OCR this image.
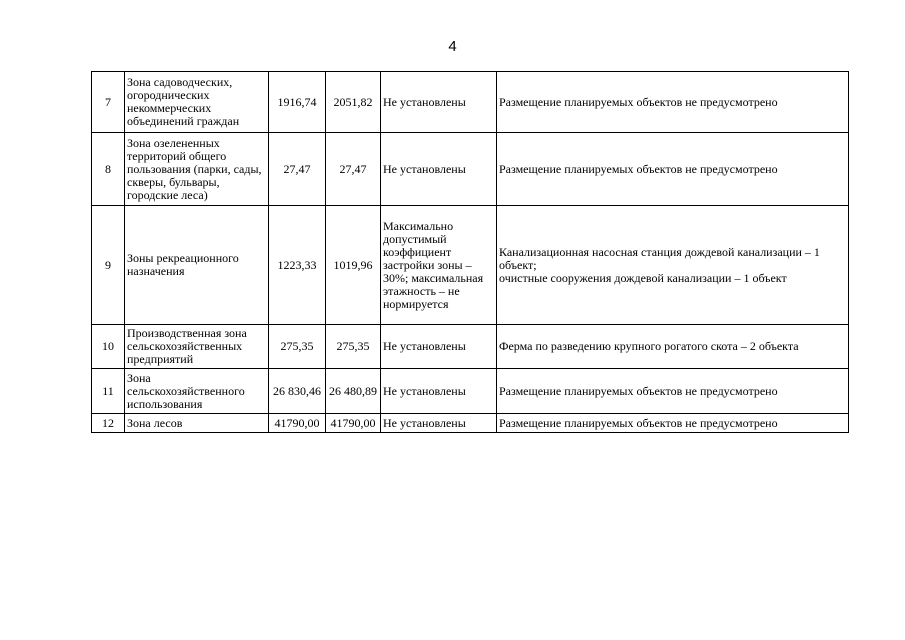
4
7	Зона садоводческих, огороднических некоммерческих объединений граждан	1916,74	2051,82	Не установлены	Размещение планируемых объектов не предусмотрено

8	Зона озелененных территорий общего пользования (парки, сады, скверы, бульвары, городские леса)	27,47	27,47	Не установлены	Размещение планируемых объектов не предусмотрено

9	Зоны рекреационного назначения	1223,33	1019,96	Максимально допустимый коэффициент застройки зоны – 30%; максимальная этажность – не нормируется	Канализационная насосная станция дождевой канализации – 1 объект;
очистные сооружения дождевой канализации – 1 объект

10	Производственная зона сельскохозяйственных предприятий	275,35	275,35	Не установлены	Ферма по разведению крупного рогатого скота – 2 объекта

11	Зона сельскохозяйственного использования	26 830,46	26 480,89	Не установлены	Размещение планируемых объектов не предусмотрено

12	Зона лесов	41790,00	41790,00	Не установлены	Размещение планируемых объектов не предусмотрено
